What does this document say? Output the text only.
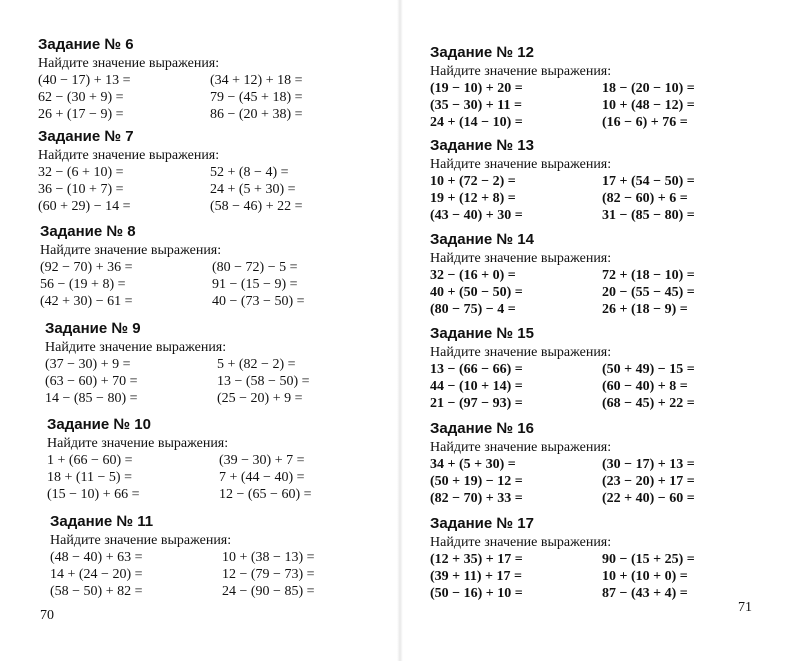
Задание № 6
Найдите значение выражения:
(40 − 17) + 13 =	(34 + 12) + 18 =
62 − (30 + 9) =	79 − (45 + 18) =
26 + (17 − 9) =	86 − (20 + 38) =
Задание № 7
Найдите значение выражения:
32 − (6 + 10) =	52 + (8 − 4) =
36 − (10 + 7) =	24 + (5 + 30) =
(60 + 29) − 14 =	(58 − 46) + 22 =
Задание № 8
Найдите значение выражения:
(92 − 70) + 36 =	(80 − 72) − 5 =
56 − (19 + 8) =	91 − (15 − 9) =
(42 + 30) − 61 =	40 − (73 − 50) =
Задание № 9
Найдите значение выражения:
(37 − 30) + 9 =	5 + (82 − 2) =
(63 − 60) + 70 =	13 − (58 − 50) =
14 − (85 − 80) =	(25 − 20) + 9 =
Задание № 10
Найдите значение выражения:
1 + (66 − 60) =	(39 − 30) + 7 =
18 + (11 − 5) =	7 + (44 − 40) =
(15 − 10) + 66 =	12 − (65 − 60) =
Задание № 11
Найдите значение выражения:
(48 − 40) + 63 =	10 + (38 − 13) =
14 + (24 − 20) =	12 − (79 − 73) =
(58 − 50) + 82 =	24 − (90 − 85) =
70
Задание № 12
Найдите значение выражения:
(19 − 10) + 20 =	18 − (20 − 10) =
(35 − 30) + 11 =	10 + (48 − 12) =
24 + (14 − 10) =	(16 − 6) + 76 =
Задание № 13
Найдите значение выражения:
10 + (72 − 2) =	17 + (54 − 50) =
19 + (12 + 8) =	(82 − 60) + 6 =
(43 − 40) + 30 =	31 − (85 − 80) =
Задание № 14
Найдите значение выражения:
32 − (16 + 0) =	72 + (18 − 10) =
40 + (50 − 50) =	20 − (55 − 45) =
(80 − 75) − 4 =	26 + (18 − 9) =
Задание № 15
Найдите значение выражения:
13 − (66 − 66) =	(50 + 49) − 15 =
44 − (10 + 14) =	(60 − 40) + 8 =
21 − (97 − 93) =	(68 − 45) + 22 =
Задание № 16
Найдите значение выражения:
34 + (5 + 30) =	(30 − 17) + 13 =
(50 + 19) − 12 =	(23 − 20) + 17 =
(82 − 70) + 33 =	(22 + 40) − 60 =
Задание № 17
Найдите значение выражения:
(12 + 35) + 17 =	90 − (15 + 25) =
(39 + 11) + 17 =	10 + (10 + 0) =
(50 − 16) + 10 =	87 − (43 + 4) =
71
